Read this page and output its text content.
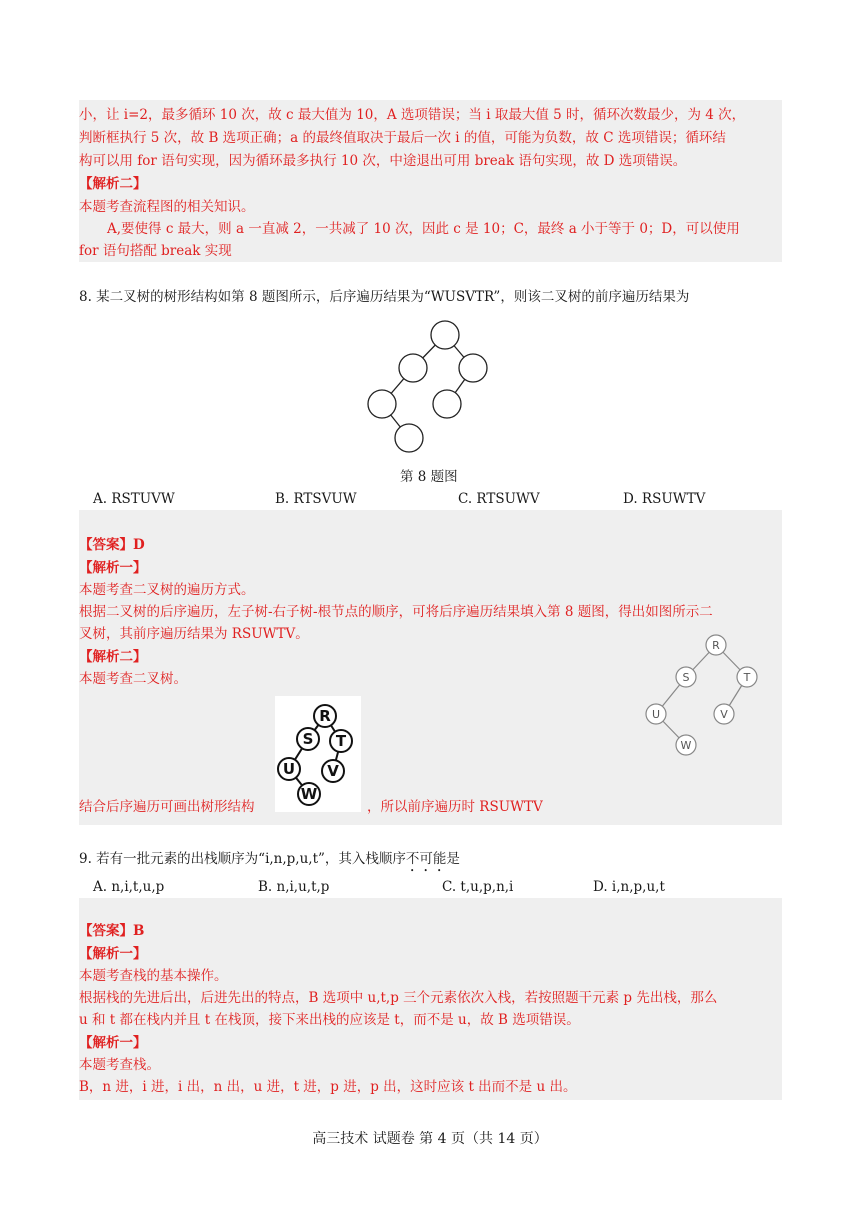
小，让 i=2，最多循环 10 次，故 c 最大值为 10，A 选项错误；当 i 取最大值 5 时，循环次数最少，为 4 次，
判断框执行 5 次，故 B 选项正确；a 的最终值取决于最后一次 i 的值，可能为负数，故 C 选项错误；循环结
构可以用 for 语句实现，因为循环最多执行 10 次，中途退出可用 break 语句实现，故 D 选项错误。
【解析二】
本题考查流程图的相关知识。
A,要使得 c 最大，则 a 一直减 2，一共减了 10 次，因此 c 是 10；C，最终 a 小于等于 0；D，可以使用
for 语句搭配 break 实现
8. 某二叉树的树形结构如第 8 题图所示，后序遍历结果为“WUSVTR”，则该二叉树的前序遍历结果为
第 8 题图
A. RSTUVW	B. RTSVUW	C. RTSUWV	D. RSUWTV
【答案】D
【解析一】
本题考查二叉树的遍历方式。
根据二叉树的后序遍历，左子树-右子树-根节点的顺序，可将后序遍历结果填入第 8 题图，得出如图所示二
叉树，其前序遍历结果为 RSUWTV。
【解析二】
本题考查二叉树。
R
S T
U V
W
结合后序遍历可画出树形结构	，所以前序遍历时 RSUWTV
R
S	T
U	V
W
9. 若有一批元素的出栈顺序为“i,n,p,u,t”，其入栈顺序不可能是
A. n,i,t,u,p	B. n,i,u,t,p	C. t,u,p,n,i	D. i,n,p,u,t
【答案】B
【解析一】
本题考查栈的基本操作。
根据栈的先进后出，后进先出的特点，B 选项中 u,t,p 三个元素依次入栈，若按照题干元素 p 先出栈，那么
u 和 t 都在栈内并且 t 在栈顶，接下来出栈的应该是 t，而不是 u，故 B 选项错误。
【解析一】
本题考查栈。
B，n 进，i 进，i 出，n 出，u 进，t 进，p 进，p 出，这时应该 t 出而不是 u 出。
高三技术 试题卷 第 4 页（共 14 页）
